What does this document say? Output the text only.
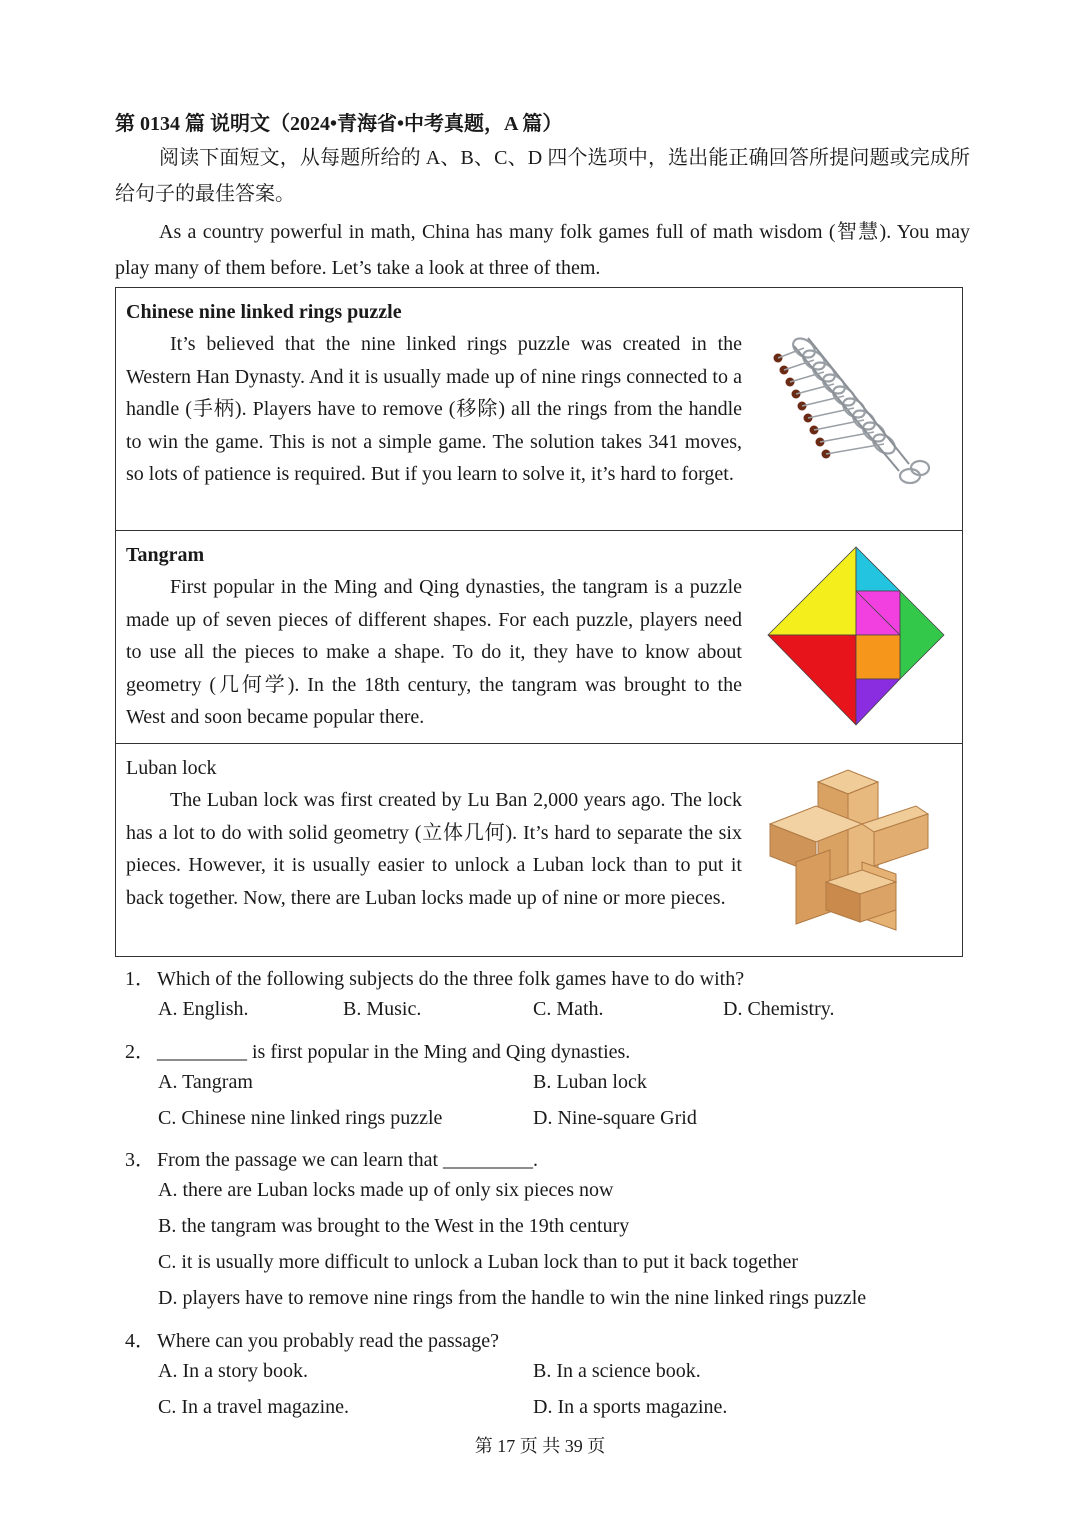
第 0134 篇 说明文（2024•青海省•中考真题，A 篇）
阅读下面短文，从每题所给的 A、B、C、D 四个选项中，选出能正确回答所提问题或完成所给句子的最佳答案。
As a country powerful in math, China has many folk games full of math wisdom (智慧). You may play many of them before. Let’s take a look at three of them.
Chinese nine linked rings puzzle
It’s believed that the nine linked rings puzzle was created in the Western Han Dynasty. And it is usually made up of nine rings connected to a handle (手柄). Players have to remove (移除) all the rings from the handle to win the game. This is not a simple game. The solution takes 341 moves, so lots of patience is required. But if you learn to solve it, it’s hard to forget.
Tangram
First popular in the Ming and Qing dynasties, the tangram is a puzzle made up of seven pieces of different shapes. For each puzzle, players need to use all the pieces to make a shape. To do it, they have to know about geometry (几何学). In the 18th century, the tangram was brought to the West and soon became popular there.
Luban lock
The Luban lock was first created by Lu Ban 2,000 years ago. The lock has a lot to do with solid geometry (立体几何). It’s hard to separate the six pieces. However, it is usually easier to unlock a Luban lock than to put it back together. Now, there are Luban locks made up of nine or more pieces.
1． Which of the following subjects do the three folk games have to do with?
A. English.	B. Music.	C. Math.	D. Chemistry.
2． _________ is first popular in the Ming and Qing dynasties.
A. Tangram	B. Luban lock
C. Chinese nine linked rings puzzle	D. Nine-square Grid
3． From the passage we can learn that _________.
A. there are Luban locks made up of only six pieces now
B. the tangram was brought to the West in the 19th century
C. it is usually more difficult to unlock a Luban lock than to put it back together
D. players have to remove nine rings from the handle to win the nine linked rings puzzle
4． Where can you probably read the passage?
A. In a story book.	B. In a science book.
C. In a travel magazine.	D. In a sports magazine.
第 17 页 共 39 页
